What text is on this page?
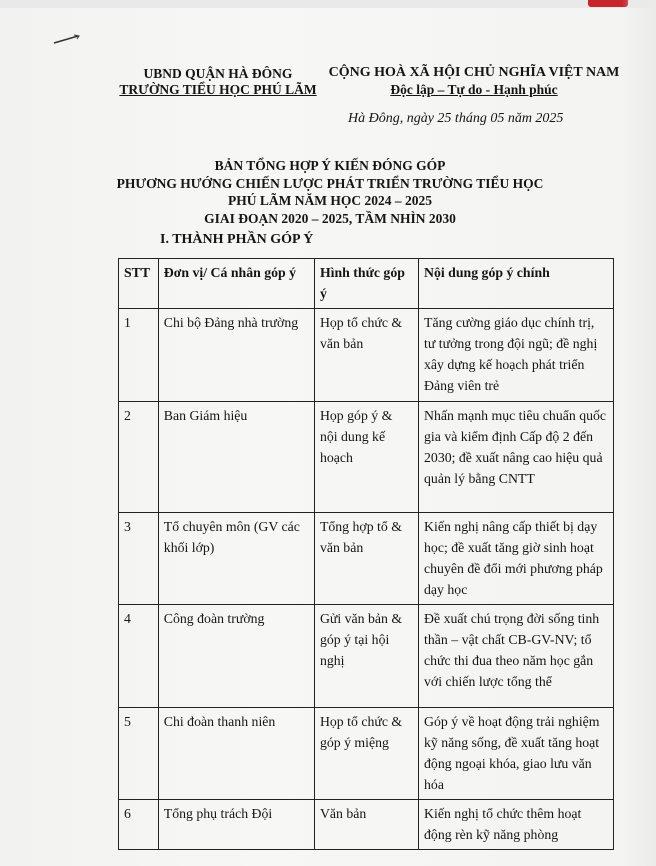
UBND QUẬN HÀ ĐÔNG
TRƯỜNG TIỂU HỌC PHÚ LÃM
CỘNG HOÀ XÃ HỘI CHỦ NGHĨA VIỆT NAM
Độc lập – Tự do - Hạnh phúc
Hà Đông, ngày 25 tháng 05 năm 2025
BẢN TỔNG HỢP Ý KIẾN ĐÓNG GÓP
PHƯƠNG HƯỚNG CHIẾN LƯỢC PHÁT TRIỂN TRƯỜNG TIỂU HỌC
PHÚ LÃM NĂM HỌC 2024 – 2025
GIAI ĐOẠN 2020 – 2025, TẦM NHÌN 2030
I. THÀNH PHẦN GÓP Ý
STT	Đơn vị/ Cá nhân góp ý	Hình thức góp ý	Nội dung góp ý chính
1	Chi bộ Đảng nhà trường	Họp tổ chức & văn bản	Tăng cường giáo dục chính trị, tư tưởng trong đội ngũ; đề nghị xây dựng kế hoạch phát triển Đảng viên trẻ
2	Ban Giám hiệu	Họp góp ý & nội dung kế hoạch	Nhấn mạnh mục tiêu chuẩn quốc gia và kiểm định Cấp độ 2 đến 2030; đề xuất nâng cao hiệu quả quản lý bằng CNTT
3	Tổ chuyên môn (GV các khối lớp)	Tổng hợp tổ & văn bản	Kiến nghị nâng cấp thiết bị dạy học; đề xuất tăng giờ sinh hoạt chuyên đề đổi mới phương pháp dạy học
4	Công đoàn trường	Gửi văn bản & góp ý tại hội nghị	Đề xuất chú trọng đời sống tinh thần – vật chất CB-GV-NV; tổ chức thi đua theo năm học gắn với chiến lược tổng thể
5	Chi đoàn thanh niên	Họp tổ chức & góp ý miệng	Góp ý về hoạt động trải nghiệm kỹ năng sống, đề xuất tăng hoạt động ngoại khóa, giao lưu văn hóa
6	Tổng phụ trách Đội	Văn bản	Kiến nghị tổ chức thêm hoạt động rèn kỹ năng phòng
